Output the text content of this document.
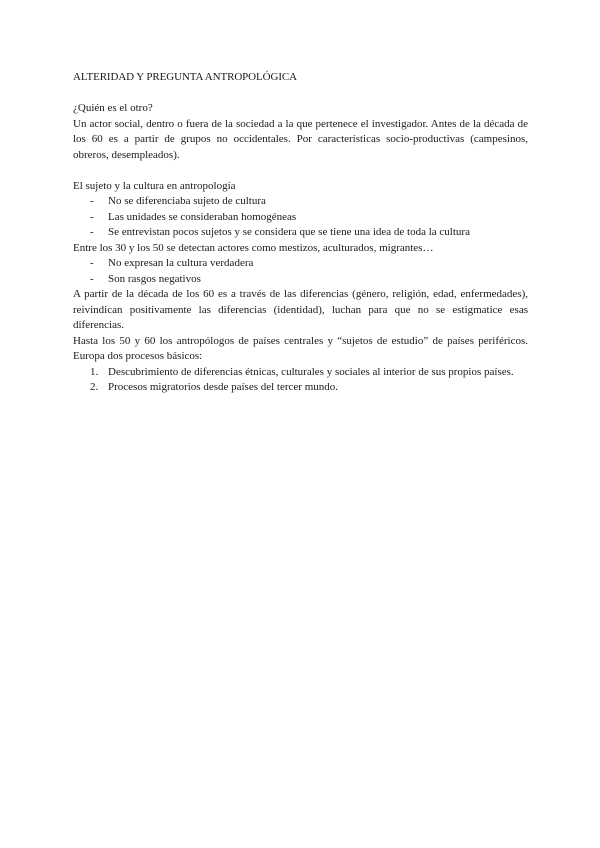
ALTERIDAD Y PREGUNTA ANTROPOLÓGICA

¿Quién es el otro?

Un actor social, dentro o fuera de la sociedad a la que pertenece el investigador. Antes de la década de los 60 es a partir de grupos no occidentales. Por características socio-productivas (campesinos, obreros, desempleados).

El sujeto y la cultura en antropología

- No se diferenciaba sujeto de cultura
- Las unidades se consideraban homogéneas
- Se entrevistan pocos sujetos y se considera que se tiene una idea de toda la cultura

Entre los 30 y los 50 se detectan actores como mestizos, aculturados, migrantes…

- No expresan la cultura verdadera
- Son rasgos negativos

A partir de la década de los 60 es a través de las diferencias (género, religión, edad, enfermedades), reivindican positivamente las diferencias (identidad), luchan para que no se estigmatice esas diferencias.

Hasta los 50 y 60 los antropólogos de países centrales y “sujetos de estudio” de países periféricos. Europa dos procesos básicos:

1. Descubrimiento de diferencias étnicas, culturales y sociales al interior de sus propios países.
2. Procesos migratorios desde países del tercer mundo.
